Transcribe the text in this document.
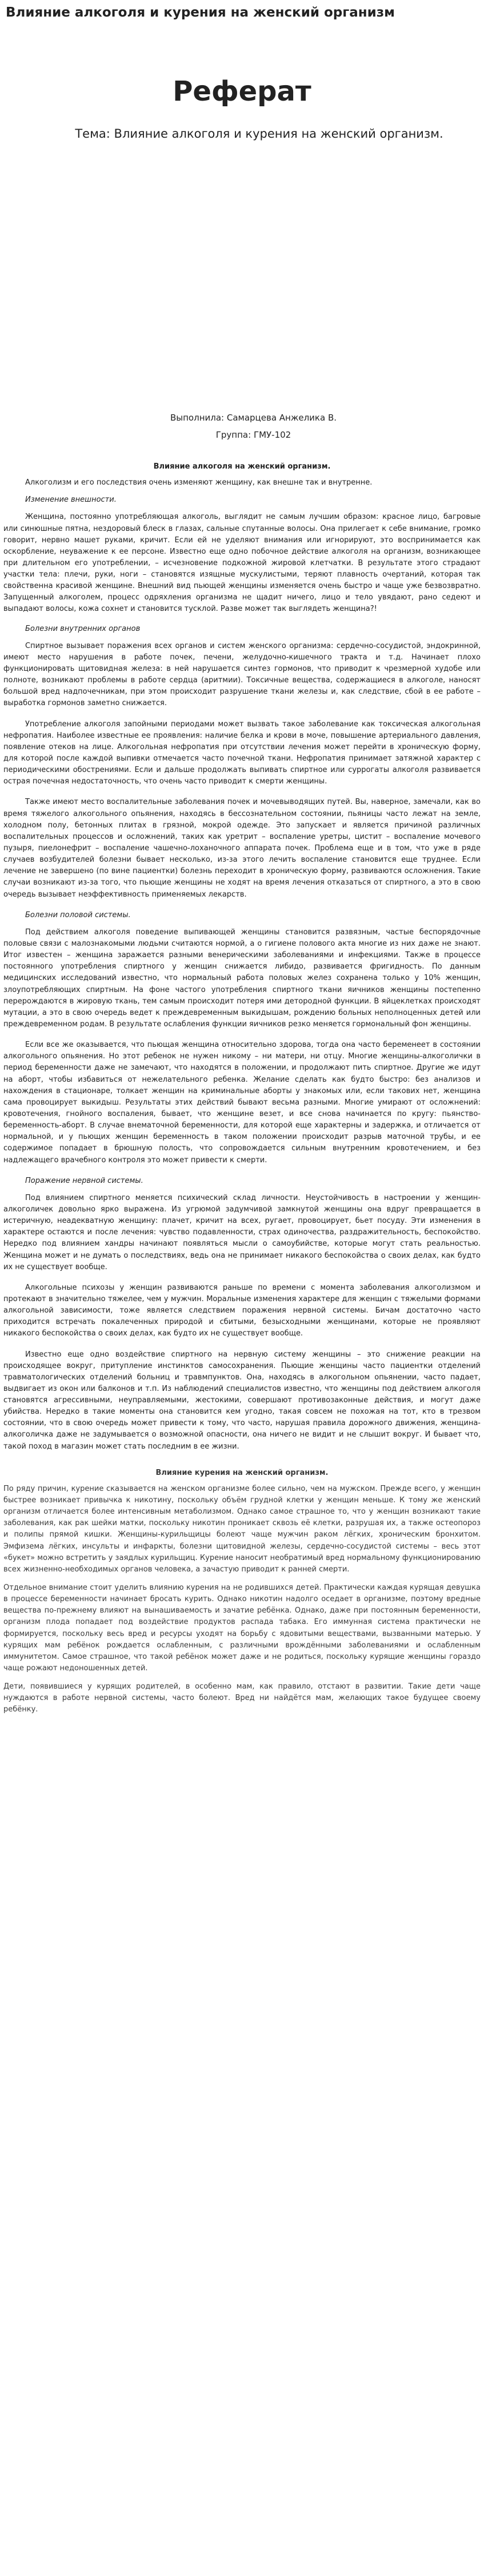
Влияние алкоголя и курения на женский организм
Реферат

Тема: Влияние алкоголя и курения на женский организм.

Выполнила: Самарцева Анжелика В.

Группа: ГМУ-102

Влияние алкоголя на женский организм.

Алкоголизм и его последствия очень изменяют женщину, как внешне так и внутренне.

Изменение внешности.

Женщина, постоянно употребляющая алкоголь, выглядит не самым лучшим образом: красное лицо, багровые или синюшные пятна, нездоровый блеск в глазах, сальные спутанные волосы. Она прилегает к себе внимание, громко говорит, нервно машет руками, кричит. Если ей не уделяют внимания или игнорируют, это воспринимается как оскорбление, неуважение к ее персоне. Известно еще одно побочное действие алкоголя на организм, возникающее при длительном его употреблении, – исчезновение подкожной жировой клетчатки. В результате этого страдают участки тела: плечи, руки, ноги – становятся изящные мускулистыми, теряют плавность очертаний, которая так свойственна красивой женщине. Внешний вид пьющей женщины изменяется очень быстро и чаще уже безвозвратно. Запущенный алкоголем, процесс одряхления организма не щадит ничего, лицо и тело увядают, рано седеют и выпадают волосы, кожа сохнет и становится тусклой. Разве может так выглядеть женщина?!

Болезни внутренних органов

Спиртное вызывает поражения всех органов и систем женского организма: сердечно-сосудистой, эндокринной, имеют место нарушения в работе почек, печени, желудочно-кишечного тракта и т.д. Начинает плохо функционировать щитовидная железа: в ней нарушается синтез гормонов, что приводит к чрезмерной худобе или полноте, возникают проблемы в работе сердца (аритмии). Токсичные вещества, содержащиеся в алкоголе, наносят большой вред надпочечникам, при этом происходит разрушение ткани железы и, как следствие, сбой в ее работе – выработка гормонов заметно снижается.

Употребление алкоголя запойными периодами может вызвать такое заболевание как токсическая алкогольная нефропатия. Наиболее известные ее проявления: наличие белка и крови в моче, повышение артериального давления, появление отеков на лице. Алкогольная нефропатия при отсутствии лечения может перейти в хроническую форму, для которой после каждой выпивки отмечается часто почечной ткани. Нефропатия принимает затяжной характер с периодическими обострениями. Если и дальше продолжать выпивать спиртное или суррогаты алкоголя развивается острая почечная недостаточность, что очень часто приводит к смерти женщины.

Также имеют место воспалительные заболевания почек и мочевыводящих путей. Вы, наверное, замечали, как во время тяжелого алкогольного опьянения, находясь в бессознательном состоянии, пьяницы часто лежат на земле, холодном полу, бетонных плитах в грязной, мокрой одежде. Это запускает и является причиной различных воспалительных процессов и осложнений, таких как уретрит – воспаление уретры, цистит – воспаление мочевого пузыря, пиелонефрит – воспаление чашечно-лоханочного аппарата почек. Проблема еще и в том, что уже в ряде случаев возбудителей болезни бывает несколько, из-за этого лечить воспаление становится еще труднее. Если лечение не завершено (по вине пациентки) болезнь переходит в хроническую форму, развиваются осложнения. Такие случаи возникают из-за того, что пьющие женщины не ходят на время лечения отказаться от спиртного, а это в свою очередь вызывает неэффективность применяемых лекарств.

Болезни половой системы.

Под действием алкоголя поведение выпивающей женщины становится развязным, частые беспорядочные половые связи с малознакомыми людьми считаются нормой, а о гигиене полового акта многие из них даже не знают. Итог известен – женщина заражается разными венерическими заболеваниями и инфекциями. Также в процессе постоянного употребления спиртного у женщин снижается либидо, развивается фригидность. По данным медицинских исследований известно, что нормальный работа половых желез сохранена только у 10% женщин, злоупотребляющих спиртным. На фоне частого употребления спиртного ткани яичников женщины постепенно перерождаются в жировую ткань, тем самым происходит потеря ими детородной функции. В яйцеклетках происходят мутации, а это в свою очередь ведет к преждевременным выкидышам, рождению больных неполноценных детей или преждевременном родам. В результате ослабления функции яичников резко меняется гормональный фон женщины.

Если все же оказывается, что пьющая женщина относительно здорова, тогда она часто беременеет в состоянии алкогольного опьянения. Но этот ребенок не нужен никому – ни матери, ни отцу. Многие женщины-алкоголички в период беременности даже не замечают, что находятся в положении, и продолжают пить спиртное. Другие же идут на аборт, чтобы избавиться от нежелательного ребенка. Желание сделать как будто быстро: без анализов и нахождения в стационаре, толкает женщин на криминальные аборты у знакомых или, если такових нет, женщина сама провоцирует выкидыш. Результаты этих действий бывают весьма разными. Многие умирают от осложнений: кровотечения, гнойного воспаления, бывает, что женщине везет, и все снова начинается по кругу: пьянство-беременность-аборт. В случае внематочной беременности, для которой еще характерны и задержка, и отличается от нормальной, и у пьющих женщин беременность в таком положении происходит разрыв маточной трубы, и ее содержимое попадает в брюшную полость, что сопровождается сильным внутренним кровотечением, и без надлежащего врачебного контроля это может привести к смерти.

Поражение нервной системы.

Под влиянием спиртного меняется психический склад личности. Неустойчивость в настроении у женщин-алкоголичек довольно ярко выражена. Из угрюмой задумчивой замкнутой женщины она вдруг превращается в истеричную, неадекватную женщину: плачет, кричит на всех, ругает, провоцирует, бьет посуду. Эти изменения в характере остаются и после лечения: чувство подавленности, страх одиночества, раздражительность, беспокойство. Нередко под влиянием хандры начинают появляться мысли о самоубийстве, которые могут стать реальностью. Женщина может и не думать о последствиях, ведь она не принимает никакого беспокойства о своих делах, как будто их не существует вообще.

Алкогольные психозы у женщин развиваются раньше по времени с момента заболевания алкоголизмом и протекают в значительно тяжелее, чем у мужчин. Моральные изменения характере для женщин с тяжелыми формами алкогольной зависимости, тоже является следствием поражения нервной системы. Бичам достаточно часто приходится встречать покалеченных природой и сбитыми, безысходными женщинами, которые не проявляют никакого беспокойства о своих делах, как будто их не существует вообще.

Известно еще одно воздействие спиртного на нервную систему женщины – это снижение реакции на происходящее вокруг, притупление инстинктов самосохранения. Пьющие женщины часто пациентки отделений травматологических отделений больниц и травмпунктов. Она, находясь в алкогольном опьянении, часто падает, выдвигает из окон или балконов и т.п. Из наблюдений специалистов известно, что женщины под действием алкоголя становятся агрессивными, неуправляемыми, жестокими, совершают противозаконные действия, и могут даже убийства. Нередко в такие моменты она становится кем угодно, такая совсем не похожая на тот, кто в трезвом состоянии, что в свою очередь может привести к тому, что часто, нарушая правила дорожного движения, женщина-алкоголичка даже не задумывается о возможной опасности, она ничего не видит и не слышит вокруг. И бывает что, такой поход в магазин может стать последним в ее жизни.

Влияние курения на женский организм.

По ряду причин, курение сказывается на женском организме более сильно, чем на мужском. Прежде всего, у женщин быстрее возникает привычка к никотину, поскольку объём грудной клетки у женщин меньше. К тому же женский организм отличается более интенсивным метаболизмом. Однако самое страшное то, что у женщин возникают такие заболевания, как рак шейки матки, поскольку никотин проникает сквозь её клетки, разрушая их, а также остеопороз и полипы прямой кишки. Женщины-курильщицы болеют чаще мужчин раком лёгких, хроническим бронхитом. Эмфизема лёгких, инсульты и инфаркты, болезни щитовидной железы, сердечно-сосудистой системы – весь этот «букет» можно встретить у заядлых курильщиц. Курение наносит необратимый вред нормальному функционированию всех жизненно-необходимых органов человека, а зачастую приводит к ранней смерти.

Отдельное внимание стоит уделить влиянию курения на не родившихся детей. Практически каждая курящая девушка в процессе беременности начинает бросать курить. Однако никотин надолго оседает в организме, поэтому вредные вещества по-прежнему влияют на вынашиваемость и зачатие ребёнка. Однако, даже при постоянным беременности, организм плода попадает под воздействие продуктов распада табака. Его иммунная система практически не формируется, поскольку весь вред и ресурсы уходят на борьбу с ядовитыми веществами, вызванными матерью. У курящих мам ребёнок рождается ослабленным, с различными врождёнными заболеваниями и ослабленным иммунитетом. Самое страшное, что такой ребёнок может даже и не родиться, поскольку курящие женщины гораздо чаще рожают недоношенных детей.

Дети, появившиеся у курящих родителей, в особенно мам, как правило, отстают в развитии. Такие дети чаще нуждаются в работе нервной системы, часто болеют. Вред ни найдётся мам, желающих такое будущее своему ребёнку.
